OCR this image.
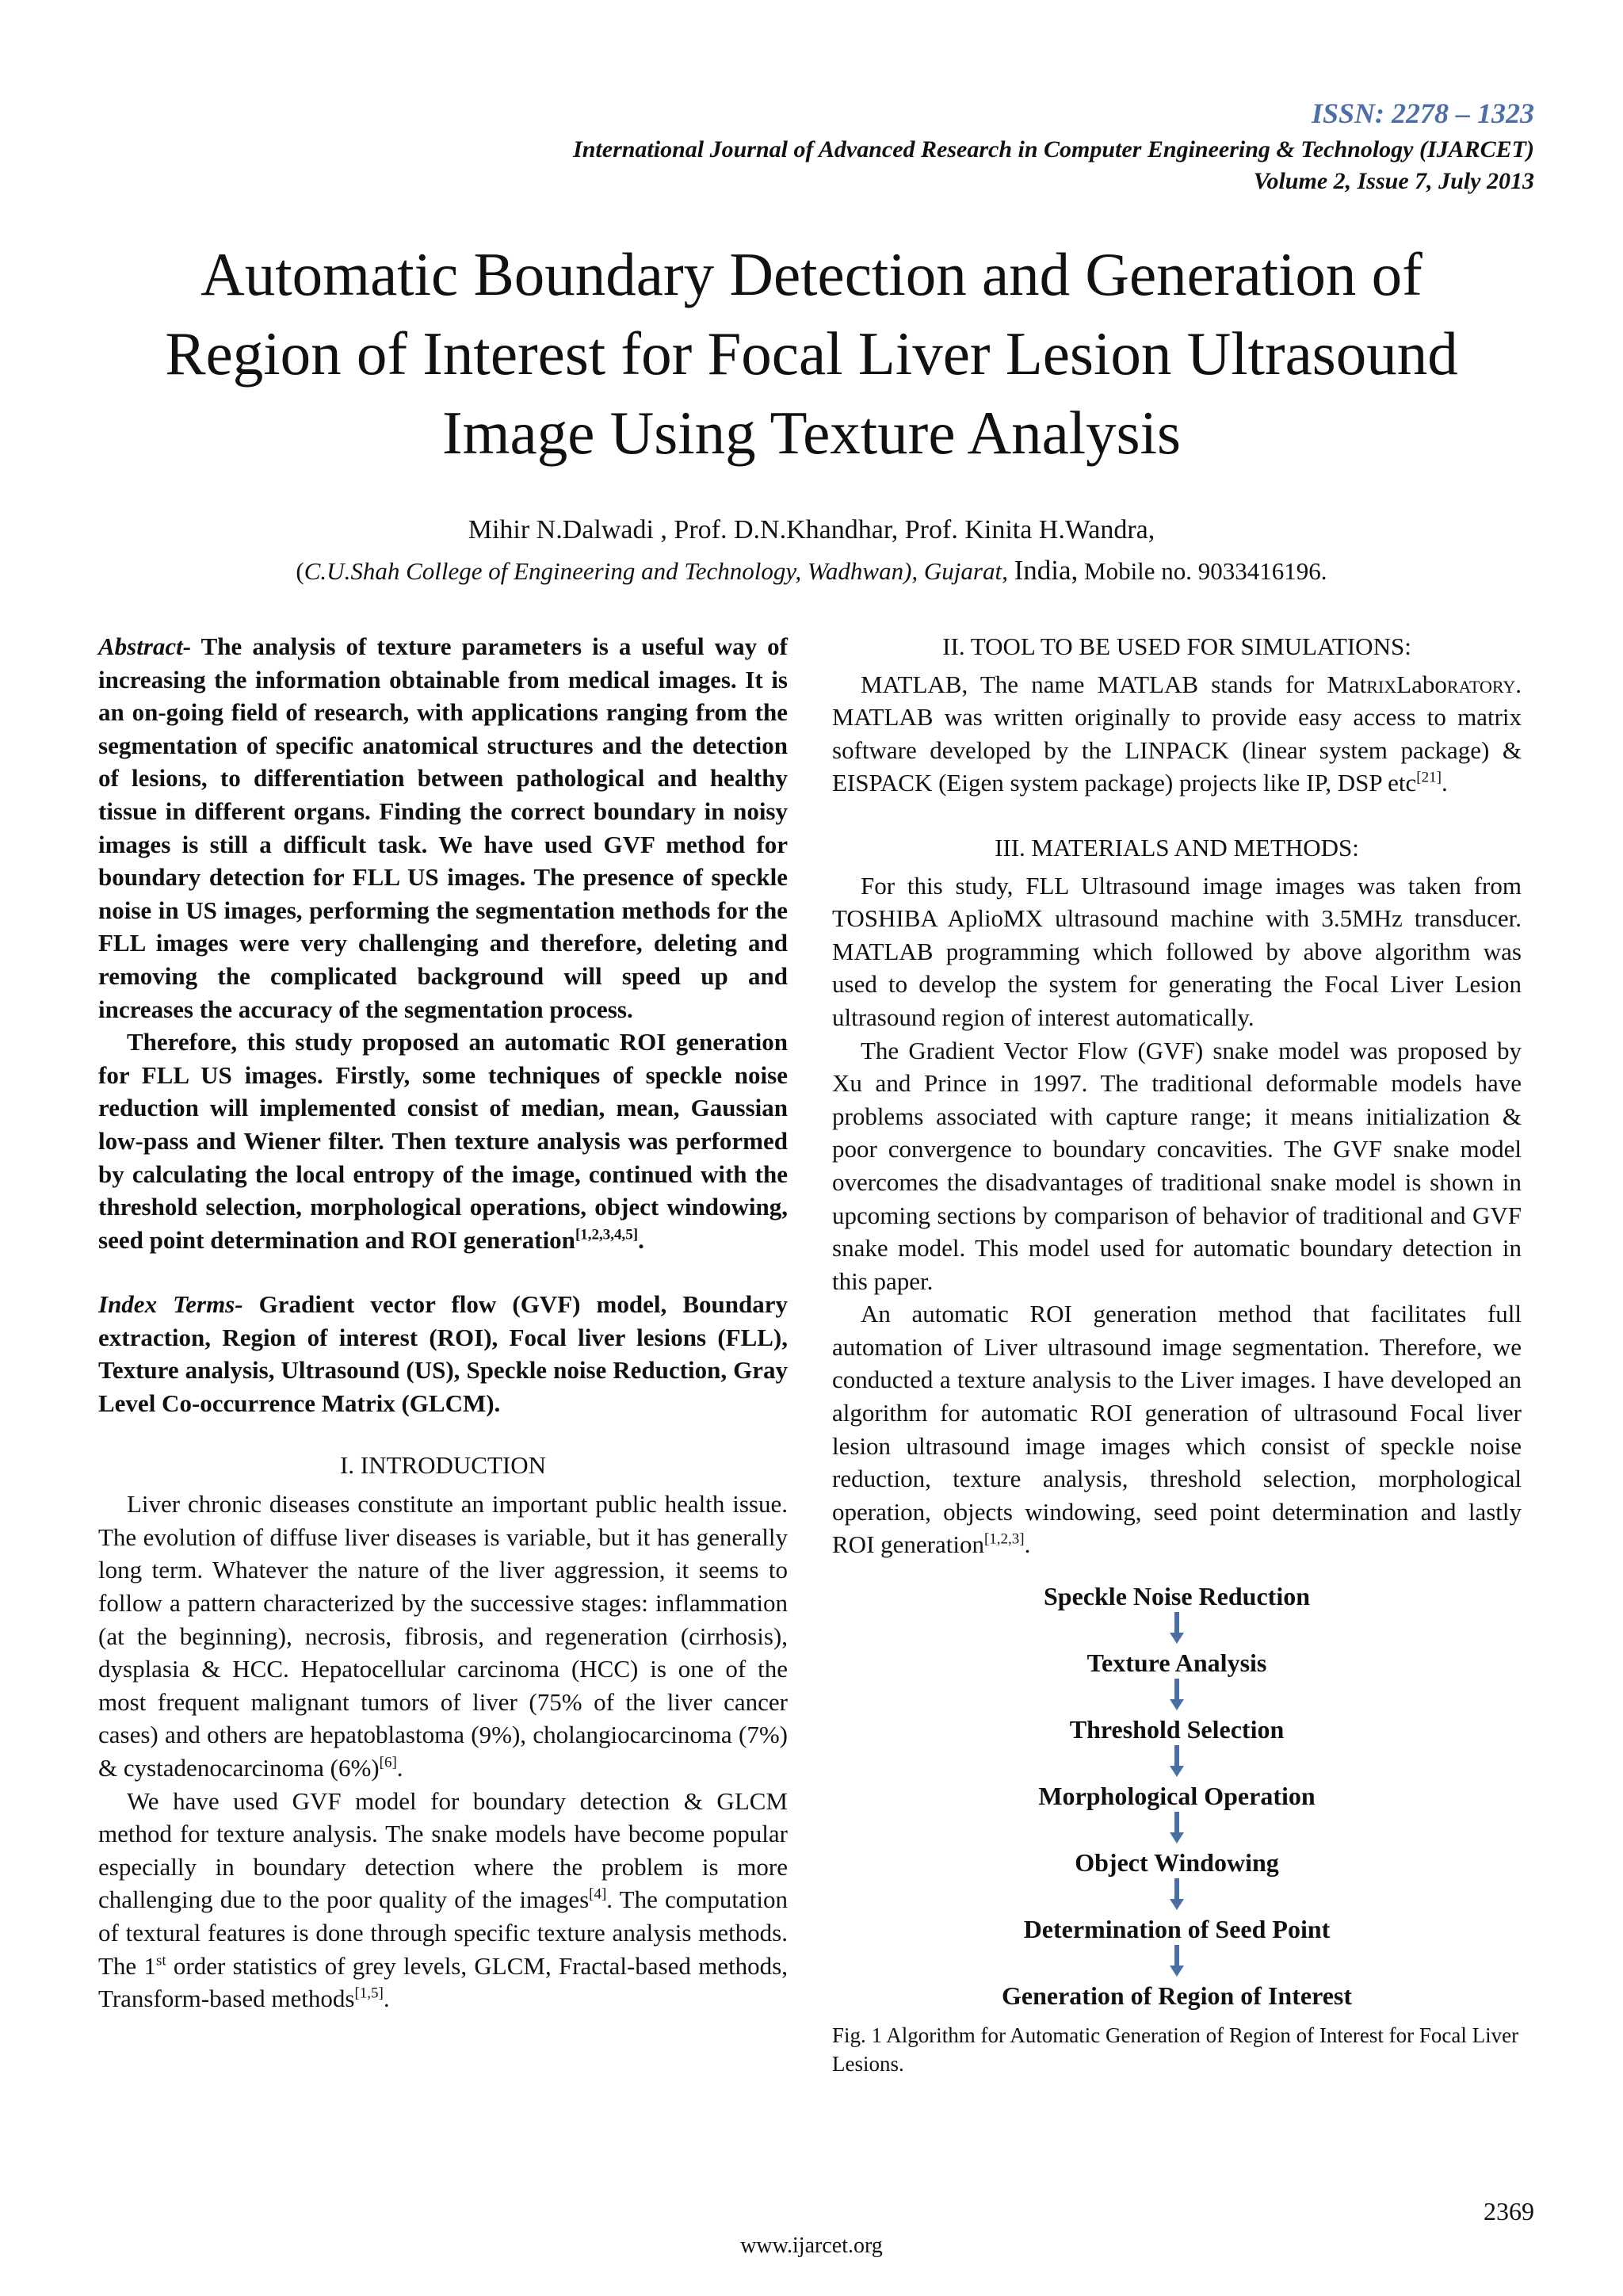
ISSN: 2278 – 1323
International Journal of Advanced Research in Computer Engineering & Technology (IJARCET)
Volume 2, Issue 7, July 2013
Automatic Boundary Detection and Generation of
Region of Interest for Focal Liver Lesion Ultrasound
Image Using Texture Analysis
Mihir N.Dalwadi , Prof. D.N.Khandhar, Prof. Kinita H.Wandra,
(C.U.Shah College of Engineering and Technology, Wadhwan), Gujarat, India, Mobile no. 9033416196.

Abstract- The analysis of texture parameters is a useful way of increasing the information obtainable from medical images. It is an on-going field of research, with applications ranging from the segmentation of specific anatomical structures and the detection of lesions, to differentiation between pathological and healthy tissue in different organs. Finding the correct boundary in noisy images is still a difficult task. We have used GVF method for boundary detection for FLL US images. The presence of speckle noise in US images, performing the segmentation methods for the FLL images were very challenging and therefore, deleting and removing the complicated background will speed up and increases the accuracy of the segmentation process.

Therefore, this study proposed an automatic ROI generation for FLL US images. Firstly, some techniques of speckle noise reduction will implemented consist of median, mean, Gaussian low-pass and Wiener filter. Then texture analysis was performed by calculating the local entropy of the image, continued with the threshold selection, morphological operations, object windowing, seed point determination and ROI generation[1,2,3,4,5].

Index Terms- Gradient vector flow (GVF) model, Boundary extraction, Region of interest (ROI), Focal liver lesions (FLL), Texture analysis, Ultrasound (US), Speckle noise Reduction, Gray Level Co-occurrence Matrix (GLCM).

I. INTRODUCTION

Liver chronic diseases constitute an important public health issue. The evolution of diffuse liver diseases is variable, but it has generally long term. Whatever the nature of the liver aggression, it seems to follow a pattern characterized by the successive stages: inflammation (at the beginning), necrosis, fibrosis, and regeneration (cirrhosis), dysplasia & HCC. Hepatocellular carcinoma (HCC) is one of the most frequent malignant tumors of liver (75% of the liver cancer cases) and others are hepatoblastoma (9%), cholangiocarcinoma (7%) & cystadenocarcinoma (6%)[6].

We have used GVF model for boundary detection & GLCM method for texture analysis. The snake models have become popular especially in boundary detection where the problem is more challenging due to the poor quality of the images[4]. The computation of textural features is done through specific texture analysis methods. The 1st order statistics of grey levels, GLCM, Fractal-based methods, Transform-based methods[1,5].

II. TOOL TO BE USED FOR SIMULATIONS:

MATLAB, The name MATLAB stands for MatrixLaboratory. MATLAB was written originally to provide easy access to matrix software developed by the LINPACK (linear system package) & EISPACK (Eigen system package) projects like IP, DSP etc[21].

III. MATERIALS AND METHODS:

For this study, FLL Ultrasound image images was taken from TOSHIBA AplioMX ultrasound machine with 3.5MHz transducer. MATLAB programming which followed by above algorithm was used to develop the system for generating the Focal Liver Lesion ultrasound region of interest automatically.

The Gradient Vector Flow (GVF) snake model was proposed by Xu and Prince in 1997. The traditional deformable models have problems associated with capture range; it means initialization & poor convergence to boundary concavities. The GVF snake model overcomes the disadvantages of traditional snake model is shown in upcoming sections by comparison of behavior of traditional and GVF snake model. This model used for automatic boundary detection in this paper.

An automatic ROI generation method that facilitates full automation of Liver ultrasound image segmentation. Therefore, we conducted a texture analysis to the Liver images. I have developed an algorithm for automatic ROI generation of ultrasound Focal liver lesion ultrasound image images which consist of speckle noise reduction, texture analysis, threshold selection, morphological operation, objects windowing, seed point determination and lastly ROI generation[1,2,3].

Speckle Noise Reduction
Texture Analysis
Threshold Selection
Morphological Operation
Object Windowing
Determination of Seed Point
Generation of Region of Interest
Fig. 1 Algorithm for Automatic Generation of Region of Interest for Focal Liver Lesions.
2369
www.ijarcet.org
